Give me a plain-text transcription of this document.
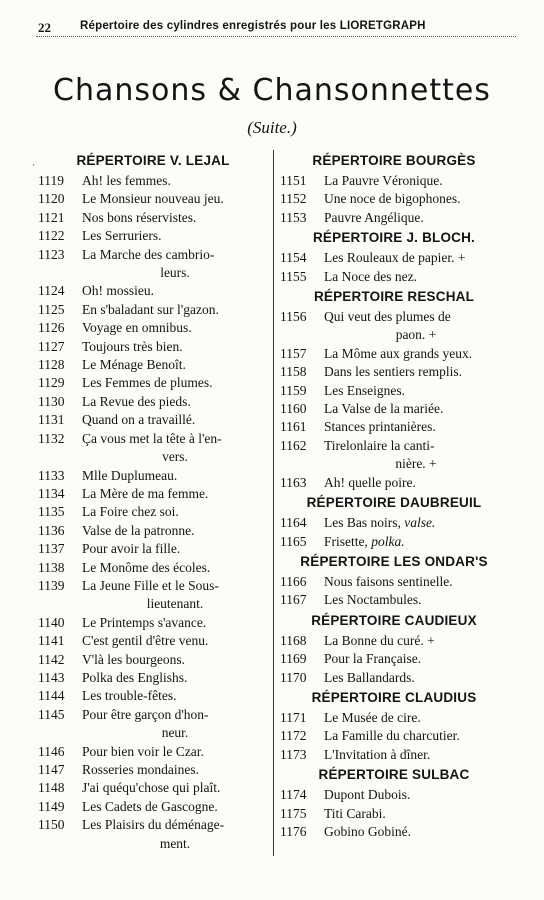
22	Répertoire des cylindres enregistrés pour les LIORETGRAPH
Chansons & Chansonnettes
(Suite.)
·	RÉPERTOIRE V. LEJAL
1119	Ah! les femmes.
1120	Le Monsieur nouveau jeu.
1121	Nos bons réservistes.
1122	Les Serruriers.
1123	La Marche des cambrio-
leurs.
1124	Oh! mossieu.
1125	En s'baladant sur l'gazon.
1126	Voyage en omnibus.
1127	Toujours très bien.
1128	Le Ménage Benoît.
1129	Les Femmes de plumes.
1130	La Revue des pieds.
1131	Quand on a travaillé.
1132	Ça vous met la tête à l'en-
vers.
1133	Mlle Duplumeau.
1134	La Mère de ma femme.
1135	La Foire chez soi.
1136	Valse de la patronne.
1137	Pour avoir la fille.
1138	Le Monôme des écoles.
1139	La Jeune Fille et le Sous-
lieutenant.
1140	Le Printemps s'avance.
1141	C'est gentil d'être venu.
1142	V'là les bourgeons.
1143	Polka des Englishs.
1144	Les trouble-fêtes.
1145	Pour être garçon d'hon-
neur.
1146	Pour bien voir le Czar.
1147	Rosseries mondaines.
1148	J'ai quéqu'chose qui plaît.
1149	Les Cadets de Gascogne.
1150	Les Plaisirs du déménage-
ment.
RÉPERTOIRE BOURGÈS
1151	La Pauvre Véronique.
1152	Une noce de bigophones.
1153	Pauvre Angélique.
RÉPERTOIRE J. BLOCH.
1154	Les Rouleaux de papier. +
1155	La Noce des nez.
RÉPERTOIRE RESCHAL
1156	Qui veut des plumes de
paon. +
1157	La Môme aux grands yeux.
1158	Dans les sentiers remplis.
1159	Les Enseignes.
1160	La Valse de la mariée.
1161	Stances printanières.
1162	Tirelonlaire la canti-
nière. +
1163	Ah! quelle poire.
RÉPERTOIRE DAUBREUIL
1164	Les Bas noirs, valse.
1165	Frisette, polka.
RÉPERTOIRE LES ONDAR'S
1166	Nous faisons sentinelle.
1167	Les Noctambules.
RÉPERTOIRE CAUDIEUX
1168	La Bonne du curé. +
1169	Pour la Française.
1170	Les Ballandards.
RÉPERTOIRE CLAUDIUS
1171	Le Musée de cire.
1172	La Famille du charcutier.
1173	L'Invitation à dîner.
RÉPERTOIRE SULBAC
1174	Dupont Dubois.
1175	Titi Carabi.
1176	Gobino Gobiné.
